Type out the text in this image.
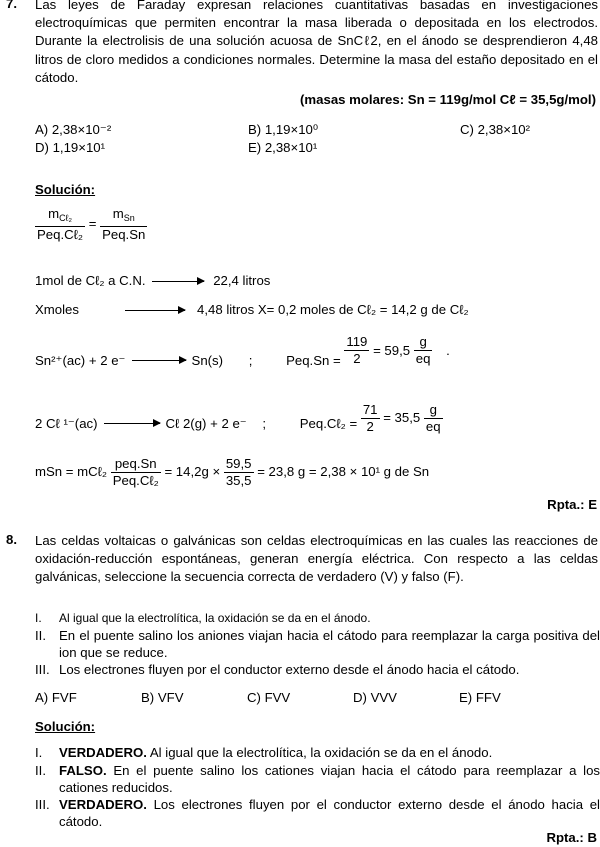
7. Las leyes de Faraday expresan relaciones cuantitativas basadas en investigaciones electroquímicas que permiten encontrar la masa liberada o depositada en los electrodos. Durante la electrolisis de una solución acuosa de SnCℓ2, en el ánodo se desprendieron 4,48 litros de cloro medidos a condiciones normales. Determine la masa del estaño depositado en el cátodo.
(masas molares: Sn = 119g/mol Cℓ = 35,5g/mol)
A) 2,38×10⁻²	B) 1,19×10⁰	C) 2,38×10²
D) 1,19×10¹	E) 2,38×10¹
Solución:
$\frac{m_{C\ell_2}}{\text{Peq.Cℓ₂}} = \frac{m_{Sn}}{\text{Peq.Sn}}$
1mol de Cℓ₂ a C.N.	22,4 litros
Xmoles	4,48 litros X= 0,2 moles de Cℓ₂ = 14,2 g de Cℓ₂
Sn²⁺(ac) + 2 e⁻	Sn(s) ;	$Peq.Sn = \frac{119}{2} = 59,5 \frac{g}{eq}$ .
2 Cℓ ¹⁻(ac)	Cℓ 2(g) + 2 e⁻ ;	Peq.Cℓ₂ = $\frac{71}{2} = 35,5 \frac{g}{eq}$
mSn = mCℓ₂ $\frac{\text{peq.Sn}}{\text{Peq.Cℓ₂}} = 14,2g \times \frac{59,5}{35,5} = 23,8$ g = 2,38 × 10¹ g de Sn
Rpta.: E
8. Las celdas voltaicas o galvánicas son celdas electroquímicas en las cuales las reacciones de oxidación-reducción espontáneas, generan energía eléctrica. Con respecto a las celdas galvánicas, seleccione la secuencia correcta de verdadero (V) y falso (F).
I. Al igual que la electrolítica, la oxidación se da en el ánodo.
II. En el puente salino los aniones viajan hacia el cátodo para reemplazar la carga positiva del ion que se reduce.
III. Los electrones fluyen por el conductor externo desde el ánodo hacia el cátodo.
A) FVF	B) VFV	C) FVV	D) VVV	E) FFV
Solución:
I. VERDADERO. Al igual que la electrolítica, la oxidación se da en el ánodo.
II. FALSO. En el puente salino los cationes viajan hacia el cátodo para reemplazar a los cationes reducidos.
III. VERDADERO. Los electrones fluyen por el conductor externo desde el ánodo hacia el cátodo.
Rpta.: B
